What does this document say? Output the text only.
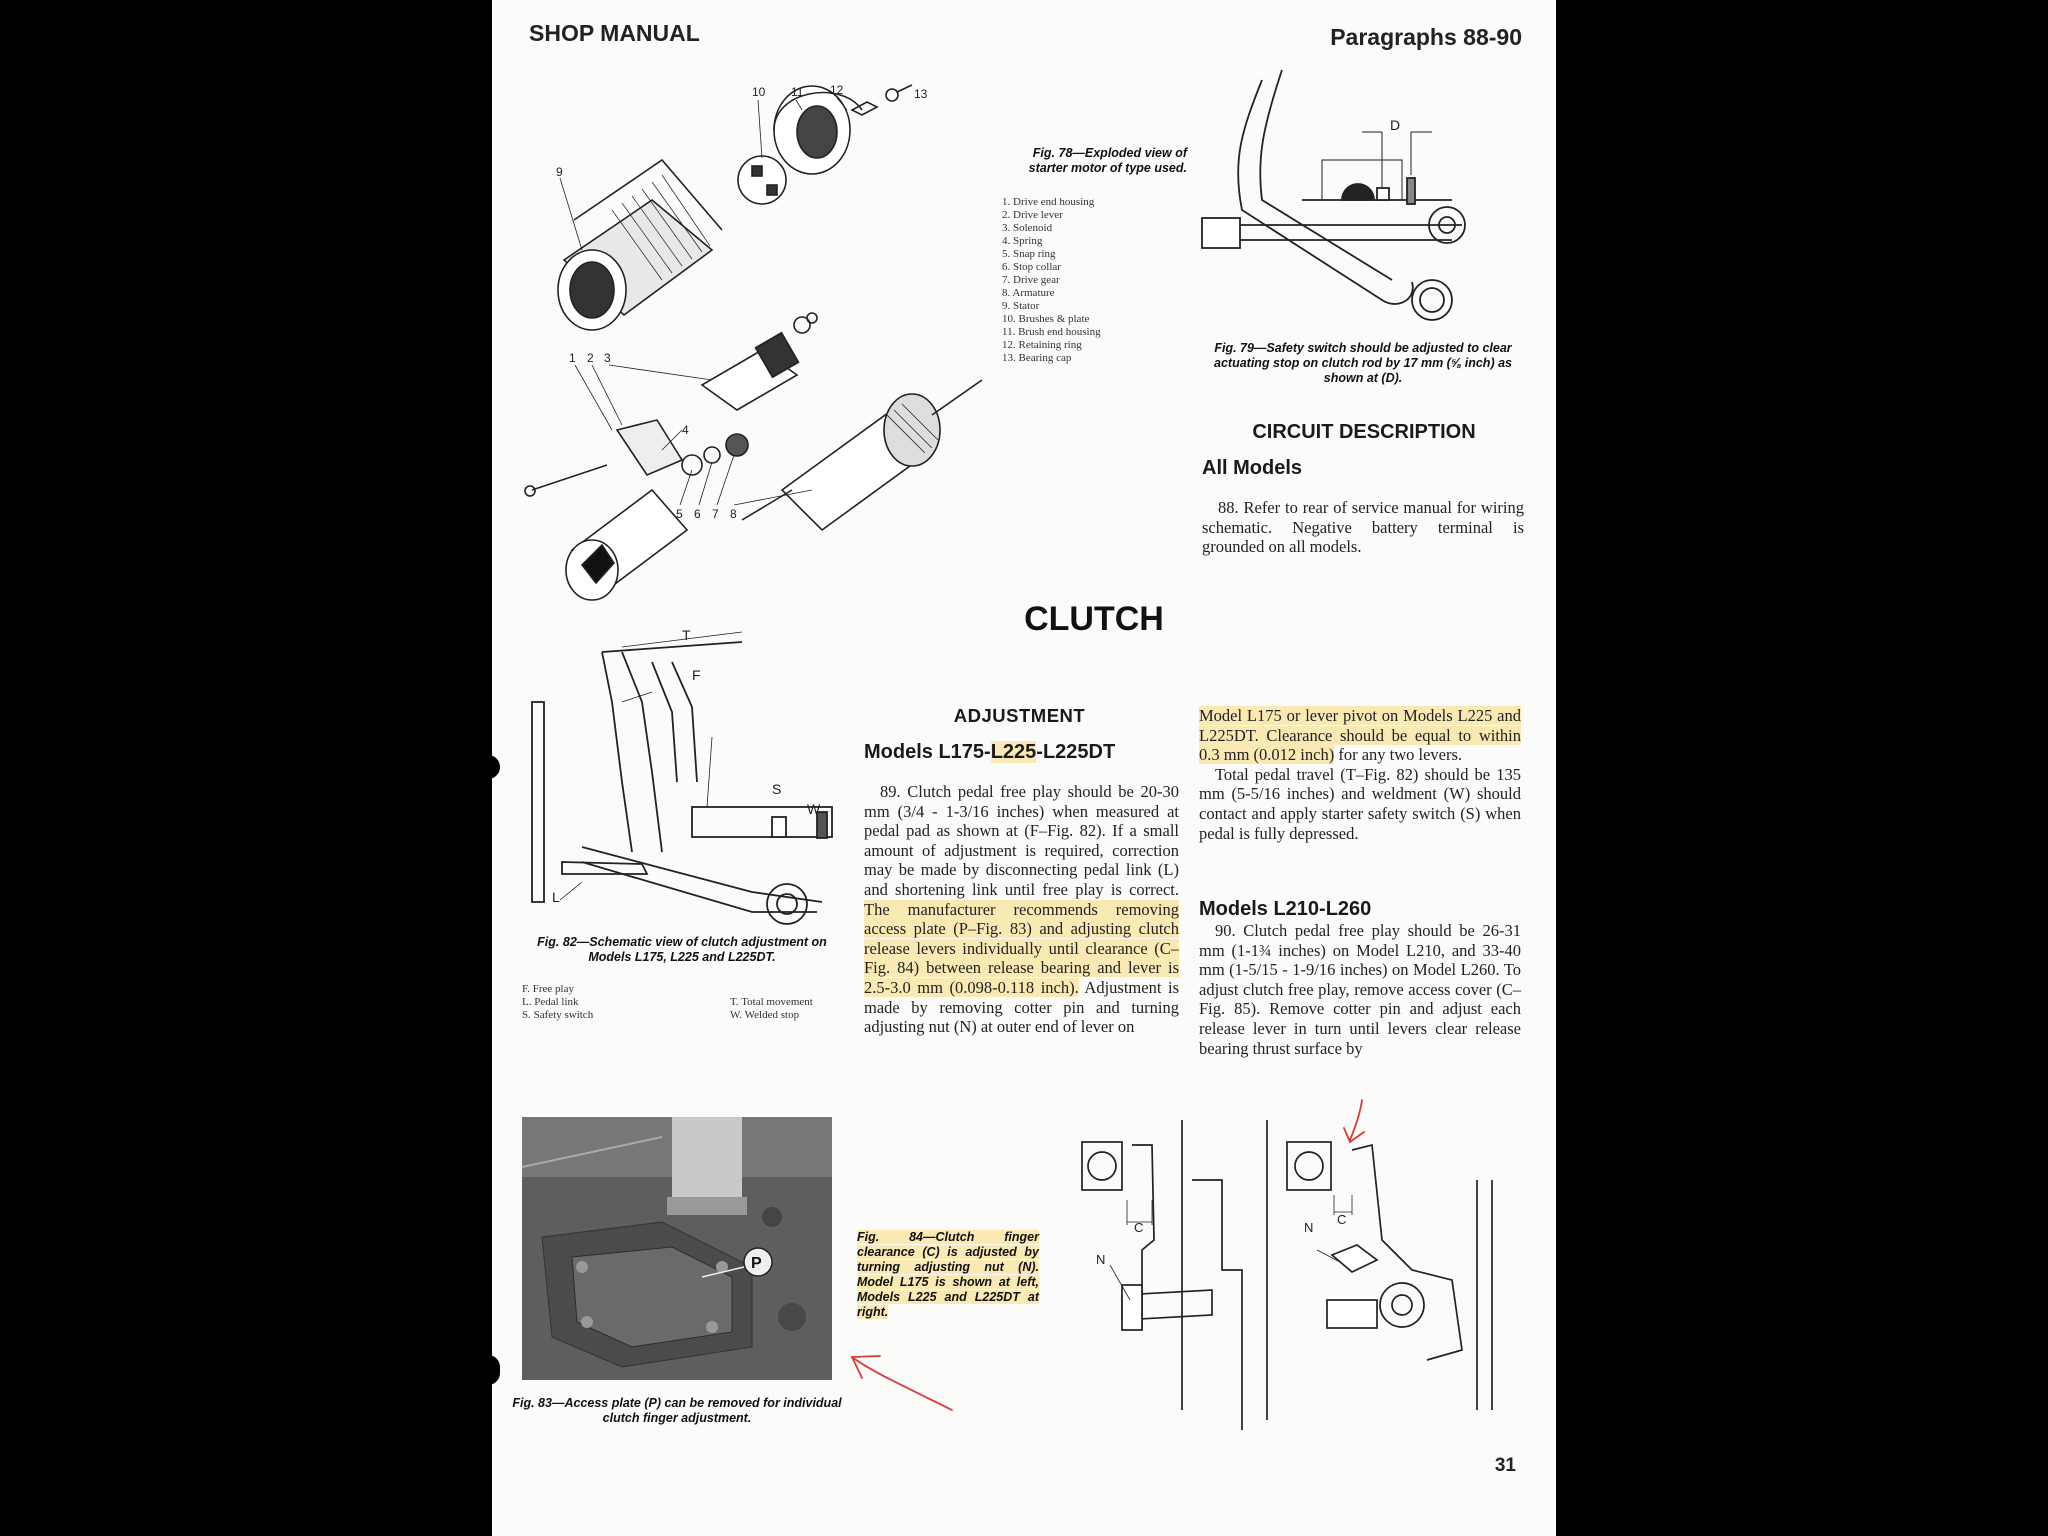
SHOP MANUAL	Paragraphs 88-90
9
10 11 12	13
1 2 3
4
5 6 7 8
Fig. 78—Exploded view of starter motor of type used.
1. Drive end housing
2. Drive lever
3. Solenoid
4. Spring
5. Snap ring
6. Stop collar
7. Drive gear
8. Armature
9. Stator
10. Brushes & plate
11. Brush end housing
12. Retaining ring
13. Bearing cap
D
Fig. 79—Safety switch should be adjusted to clear actuating stop on clutch rod by 17 mm (⅝ inch) as shown at (D).
CIRCUIT DESCRIPTION
All Models

88. Refer to rear of service manual for wiring schematic. Negative battery terminal is grounded on all models.

CLUTCH
T
F
S
W
L
Fig. 82—Schematic view of clutch adjustment on Models L175, L225 and L225DT.
F. Free play
L. Pedal link
S. Safety switch
T. Total movement
W. Welded stop
ADJUSTMENT
Models L175-L225-L225DT

89. Clutch pedal free play should be 20-30 mm (3/4 - 1-3/16 inches) when measured at pedal pad as shown at (F–Fig. 82). If a small amount of adjustment is required, correction may be made by disconnecting pedal link (L) and shortening link until free play is correct. The manufacturer recommends removing access plate (P–Fig. 83) and adjusting clutch release levers individually until clearance (C–Fig. 84) between release bearing and lever is 2.5-3.0 mm (0.098-0.118 inch). Adjustment is made by removing cotter pin and turning adjusting nut (N) at outer end of lever on

Model L175 or lever pivot on Models L225 and L225DT. Clearance should be equal to within 0.3 mm (0.012 inch) for any two levers.

Total pedal travel (T–Fig. 82) should be 135 mm (5-5/16 inches) and weldment (W) should contact and apply starter safety switch (S) when pedal is fully depressed.

Models L210-L260

90. Clutch pedal free play should be 26-31 mm (1-1¾ inches) on Model L210, and 33-40 mm (1-5/15 - 1-9/16 inches) on Model L260. To adjust clutch free play, remove access cover (C–Fig. 85). Remove cotter pin and adjust each release lever in turn until levers clear release bearing thrust surface by

P
Fig. 83—Access plate (P) can be removed for individual clutch finger adjustment.
Fig. 84—Clutch finger clearance (C) is adjusted by turning adjusting nut (N). Model L175 is shown at left, Models L225 and L225DT at right.
C
N
C
N
31
